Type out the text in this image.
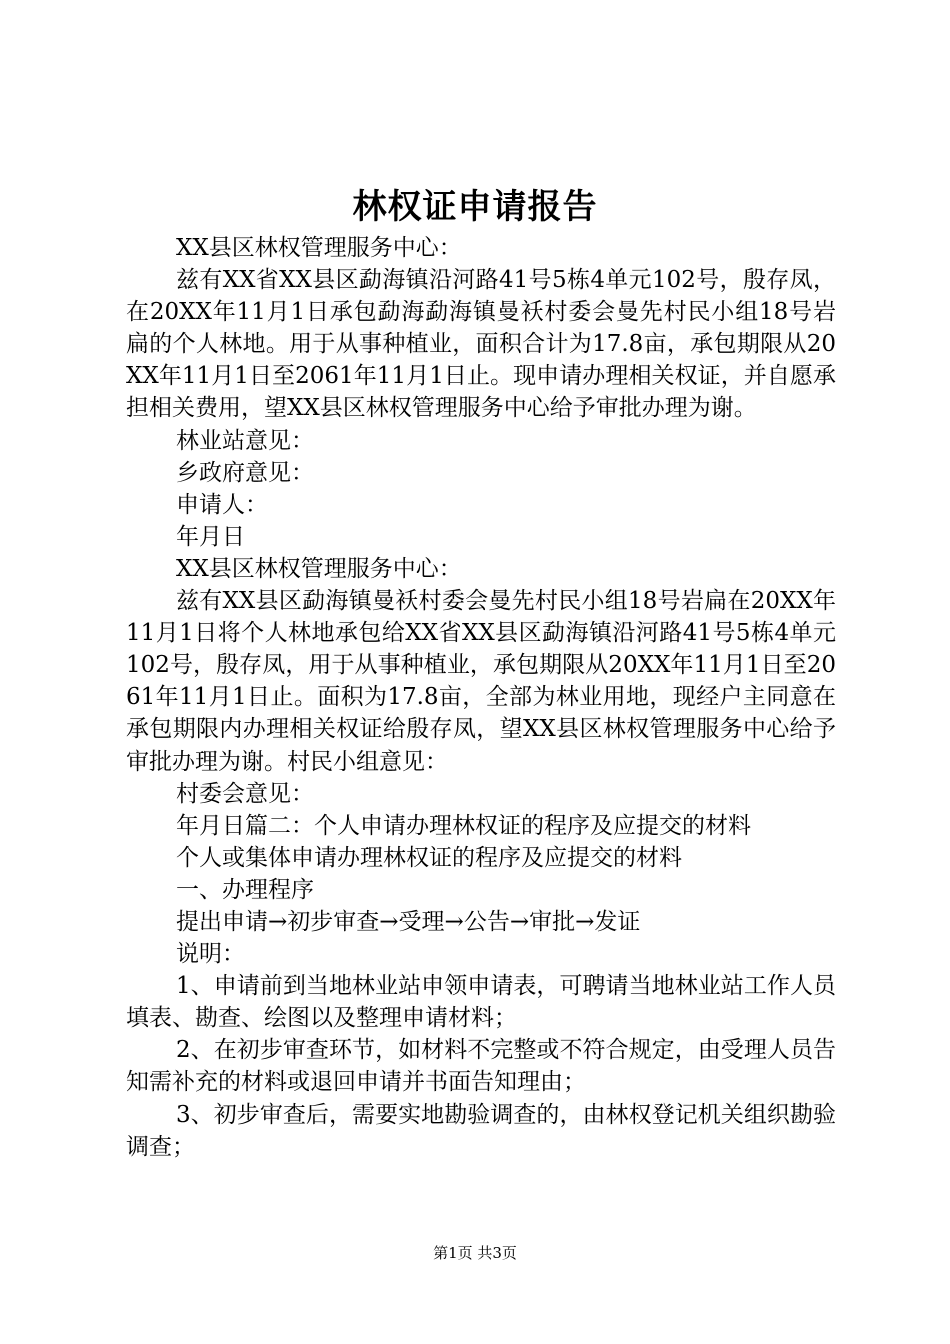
林权证申请报告

XX县区林权管理服务中心：

兹有XX省XX县区勐海镇沿河路41号5栋4单元102号，殷存凤，在20XX年11月1日承包勐海勐海镇曼袄村委会曼先村民小组18号岩扁的个人林地。用于从事种植业，面积合计为17.8亩，承包期限从20XX年11月1日至2061年11月1日止。现申请办理相关权证，并自愿承担相关费用，望XX县区林权管理服务中心给予审批办理为谢。

林业站意见：

乡政府意见：

申请人：

年月日

XX县区林权管理服务中心：

兹有XX县区勐海镇曼袄村委会曼先村民小组18号岩扁在20XX年11月1日将个人林地承包给XX省XX县区勐海镇沿河路41号5栋4单元102号，殷存凤，用于从事种植业，承包期限从20XX年11月1日至2061年11月1日止。面积为17.8亩，全部为林业用地，现经户主同意在承包期限内办理相关权证给殷存凤，望XX县区林权管理服务中心给予审批办理为谢。村民小组意见：

村委会意见：

年月日篇二：个人申请办理林权证的程序及应提交的材料

个人或集体申请办理林权证的程序及应提交的材料

一、办理程序

提出申请→初步审查→受理→公告→审批→发证

说明：

1、申请前到当地林业站申领申请表，可聘请当地林业站工作人员填表、勘查、绘图以及整理申请材料；

2、在初步审查环节，如材料不完整或不符合规定，由受理人员告知需补充的材料或退回申请并书面告知理由；

3、初步审查后，需要实地勘验调查的，由林权登记机关组织勘验调查；

第1页 共3页
